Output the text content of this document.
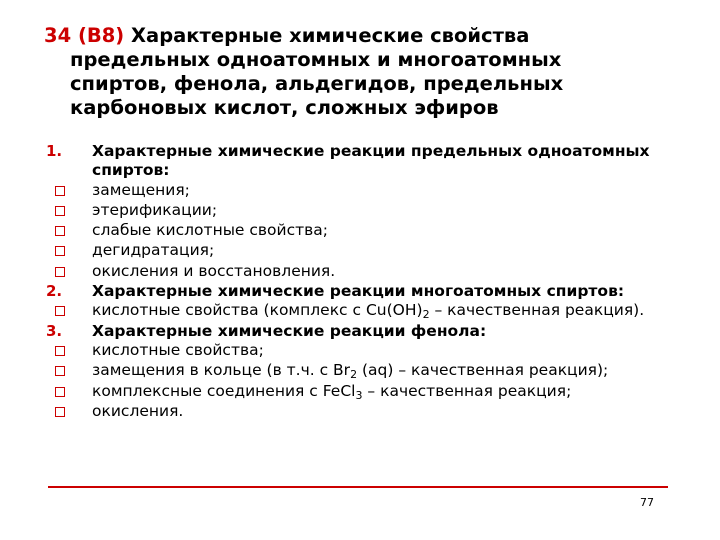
34 (B8) Характерные химические свойства
предельных одноатомных и многоатомных
спиртов, фенола, альдегидов, предельных
карбоновых кислот, сложных эфиров
1.	Характерные химические реакции предельных одноатомных спиртов:
замещения;
этерификации;
слабые кислотные свойства;
дегидратация;
окисления и восстановления.
2.	Характерные химические реакции многоатомных спиртов:
кислотные свойства (комплекс с $Cu(OH)_2$ – качественная реакция).
3.	Характерные химические реакции фенола:
кислотные свойства;
замещения в кольце (в т.ч. с $Br_2$ (aq) – качественная реакция);
комплексные соединения с FeCl$_3$ – качественная реакция;
окисления.
77
